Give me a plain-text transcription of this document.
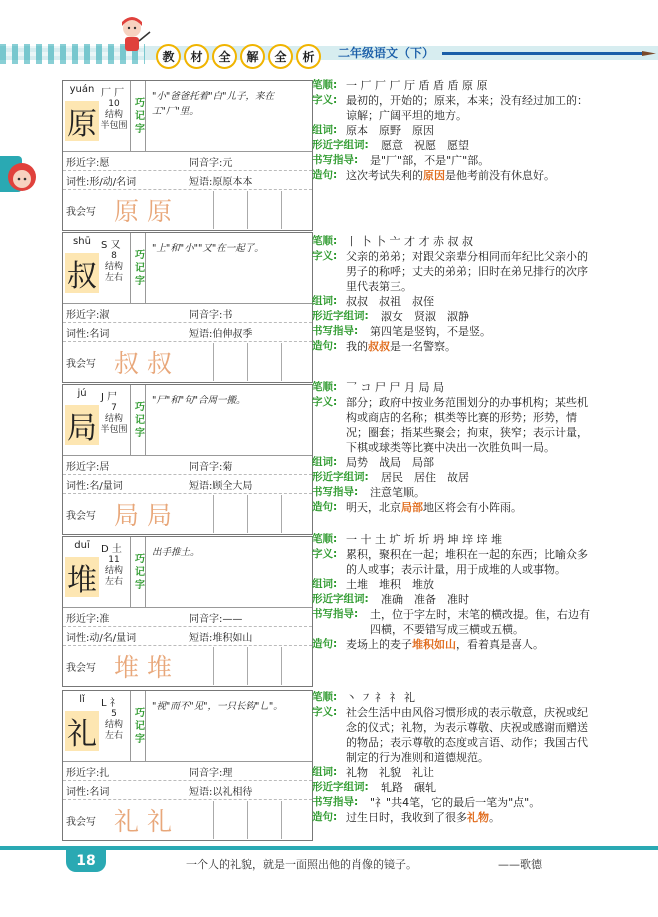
教	材	全	解	全	析	二年级语文（下）
yuán 厂 厂
原
10
结构
半包围 巧记字 "小"爸爸托着"白"儿子，来在工"厂"里。
形近字:愿	同音字:元
词性:形/动/名词	短语:原原本本
我会写 原原
shū	S 又
叔
8
结构
左右 巧记字 "上"和"小""又"在一起了。
形近字:淑	同音字:书
词性:名词	短语:伯伸叔季
我会写 叔叔
jú	J 尸
局
7
结构
半包围 巧记字 "尸"和"句"合周一搬。
形近字:居	同音字:菊
词性:名/量词	短语:顾全大局
我会写 局局
duī	D 土
堆
11
结构
左右 巧记字 出手推土。
形近字:准	同音字:——
词性:动/名/量词	短语:堆积如山
我会写 堆堆
lǐ	L 礻
礼
5
结构
左右 巧记字 "视"而不"见"，一只长钩"乚"。
形近字:扎	同音字:理
词性:名词	短语:以礼相待
我会写 礼礼
笔顺: 一 厂 厂 厂 厅 盾 盾 盾 原 原
字义: 最初的，开始的；原来，本来；没有经过加工的：谅解；广阔平坦的地方。
组词: 原本　原野　原因
形近字组词: 愿意　祝愿　愿望
书写指导: 是"厂"部，不是"广"部。
造句: 这次考试失利的原因是他考前没有休息好。
笔顺: 丨 卜 卜 亠 才 才 赤 叔 叔
字义: 父亲的弟弟；对跟父亲辈分相同而年纪比父亲小的男子的称呼；丈夫的弟弟；旧时在弟兄排行的次序里代表第三。
组词: 叔叔　叔祖　叔侄
形近字组词: 淑女　贤淑　淑静
书写指导: 第四笔是竖钩，不是竖。
造句: 我的叔叔是一名警察。
笔顺: 乛 コ 尸 尸 月 局 局
字义: 部分；政府中按业务范围划分的办事机构；某些机构或商店的名称；棋类等比赛的形势；形势，情况；圈套；指某些聚会；拘束，狭窄；表示计量，下棋或球类等比赛中决出一次胜负叫一局。
组词: 局势　战局　局部
形近字组词: 居民　居住　故居
书写指导: 注意笔顺。
造句: 明天，北京局部地区将会有小阵雨。
笔顺: 一 十 土 圹 圻 圻 坍 坤 垶 垶 堆
字义: 累积，聚积在一起；堆积在一起的东西；比喻众多的人或事；表示计量，用于成堆的人或事物。
组词: 土堆　堆积　堆放
形近字组词: 准确　准备　准时
书写指导: 土，位于字左时，末笔的横改提。隹，右边有四横，不要错写成三横或五横。
造句: 麦场上的麦子堆积如山，看着真是喜人。
笔顺: 丶 ㇇ 礻 礻 礼
字义: 社会生活中由风俗习惯形成的表示敬意，庆祝或纪念的仪式；礼物，为表示尊敬、庆祝或感谢而赠送的物品；表示尊敬的态度或言语、动作；我国古代制定的行为准则和道德规范。
组词: 礼物　礼貌　礼让
形近字组词: 轧路　碾轧
书写指导: "礻"共4笔，它的最后一笔为"点"。
造句: 过生日时，我收到了很多礼物。
18	一个人的礼貌，就是一面照出他的肖像的镜子。	——歌德
